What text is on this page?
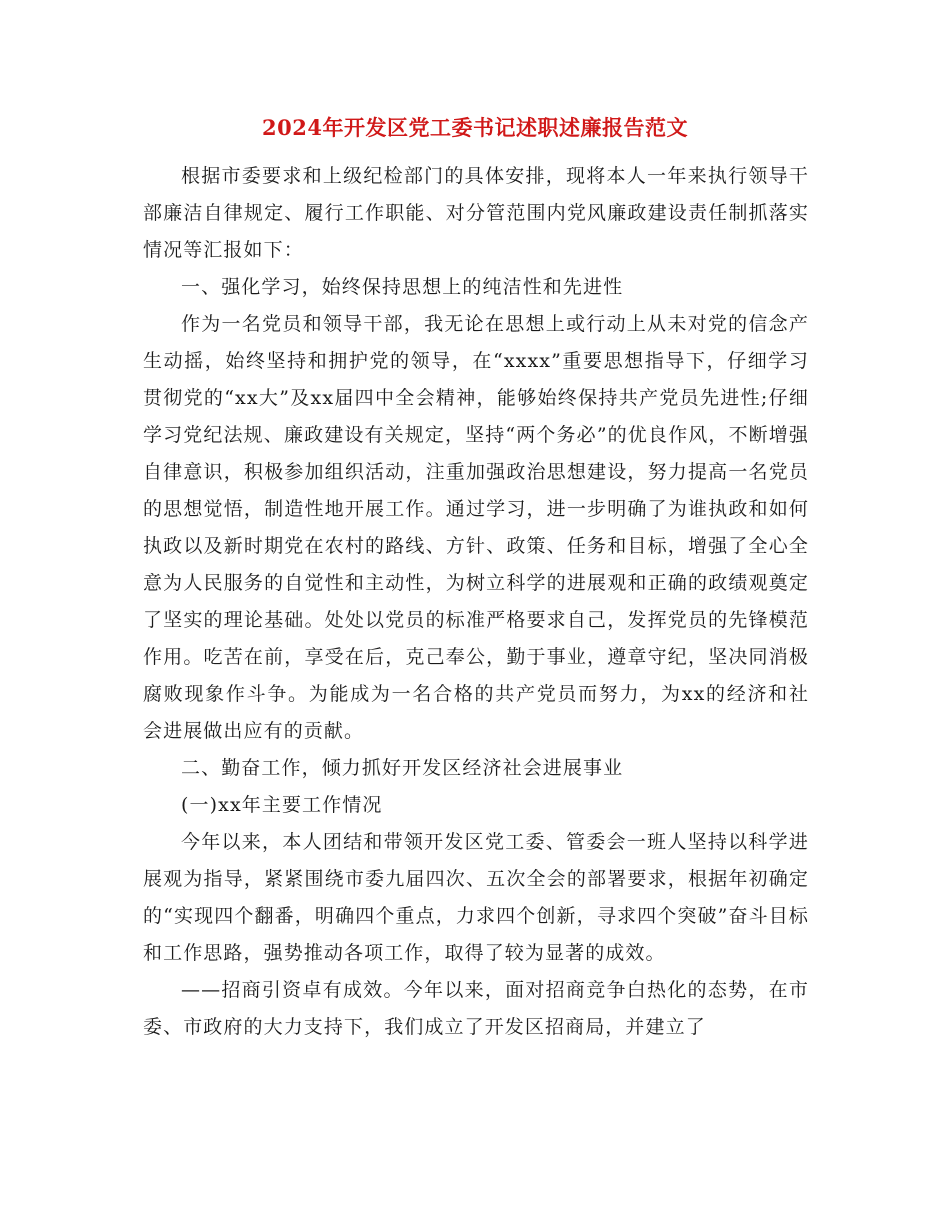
2024年开发区党工委书记述职述廉报告范文

根据市委要求和上级纪检部门的具体安排，现将本人一年来执行领导干部廉洁自律规定、履行工作职能、对分管范围内党风廉政建设责任制抓落实情况等汇报如下：

一、强化学习，始终保持思想上的纯洁性和先进性

作为一名党员和领导干部，我无论在思想上或行动上从未对党的信念产生动摇，始终坚持和拥护党的领导，在“xxxx”重要思想指导下，仔细学习贯彻党的“xx大”及xx届四中全会精神，能够始终保持共产党员先进性;仔细学习党纪法规、廉政建设有关规定，坚持“两个务必”的优良作风，不断增强自律意识，积极参加组织活动，注重加强政治思想建设，努力提高一名党员的思想觉悟，制造性地开展工作。通过学习，进一步明确了为谁执政和如何执政以及新时期党在农村的路线、方针、政策、任务和目标，增强了全心全意为人民服务的自觉性和主动性，为树立科学的进展观和正确的政绩观奠定了坚实的理论基础。处处以党员的标准严格要求自己，发挥党员的先锋模范作用。吃苦在前，享受在后，克己奉公，勤于事业，遵章守纪，坚决同消极腐败现象作斗争。为能成为一名合格的共产党员而努力，为xx的经济和社会进展做出应有的贡献。

二、勤奋工作，倾力抓好开发区经济社会进展事业

(一)xx年主要工作情况

今年以来，本人团结和带领开发区党工委、管委会一班人坚持以科学进展观为指导，紧紧围绕市委九届四次、五次全会的部署要求，根据年初确定的“实现四个翻番，明确四个重点，力求四个创新，寻求四个突破”奋斗目标和工作思路，强势推动各项工作，取得了较为显著的成效。

——招商引资卓有成效。今年以来，面对招商竞争白热化的态势，在市委、市政府的大力支持下，我们成立了开发区招商局，并建立了
